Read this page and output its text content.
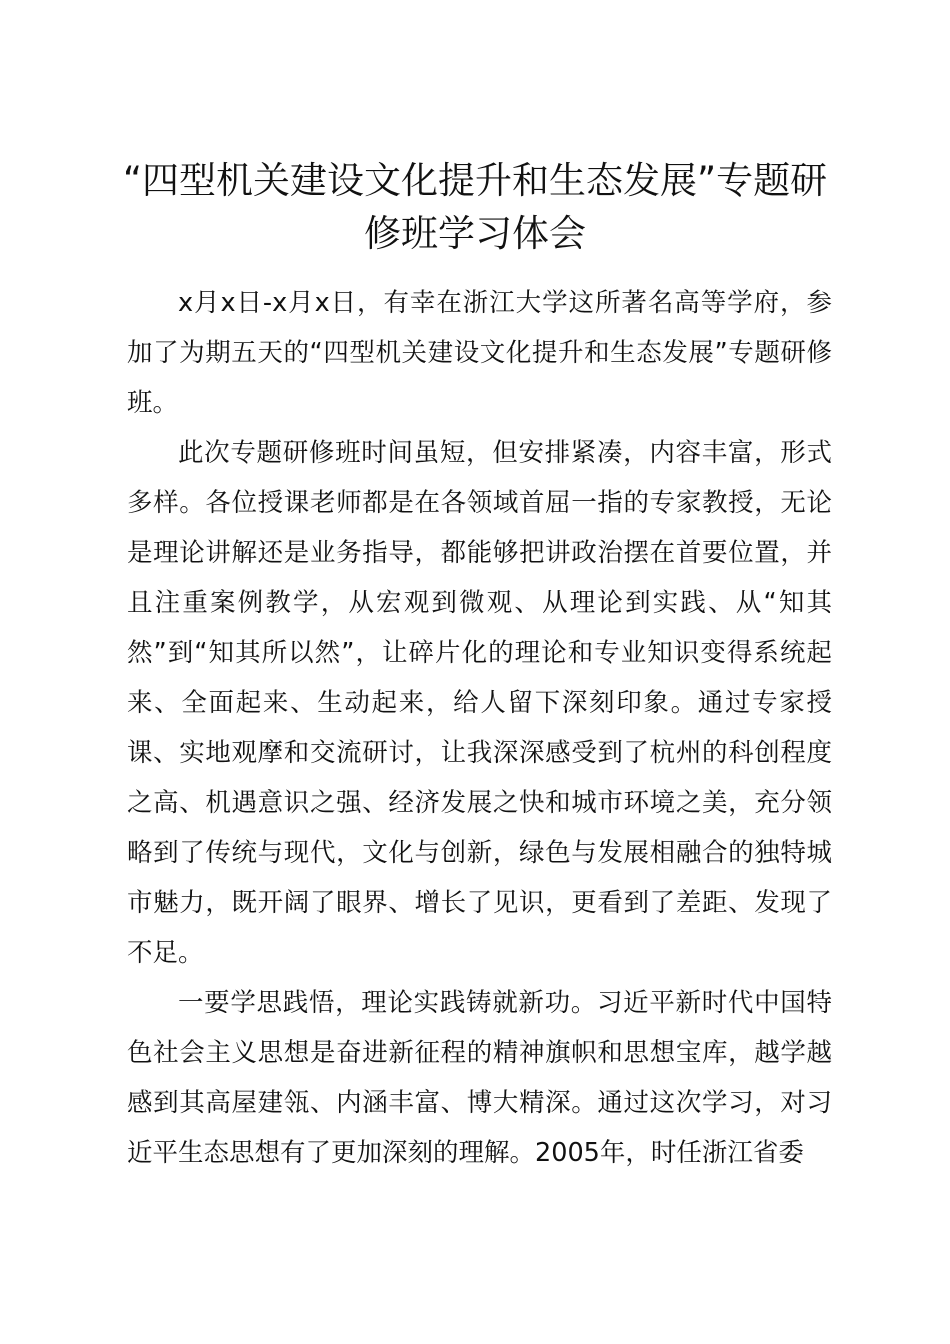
“四型机关建设文化提升和生态发展”专题研
修班学习体会

x月x日-x月x日，有幸在浙江大学这所著名高等学府，参加了为期五天的“四型机关建设文化提升和生态发展”专题研修班。

此次专题研修班时间虽短，但安排紧凑，内容丰富，形式多样。各位授课老师都是在各领域首屈一指的专家教授，无论是理论讲解还是业务指导，都能够把讲政治摆在首要位置，并且注重案例教学，从宏观到微观、从理论到实践、从“知其然”到“知其所以然”，让碎片化的理论和专业知识变得系统起来、全面起来、生动起来，给人留下深刻印象。通过专家授课、实地观摩和交流研讨，让我深深感受到了杭州的科创程度之高、机遇意识之强、经济发展之快和城市环境之美，充分领略到了传统与现代，文化与创新，绿色与发展相融合的独特城市魅力，既开阔了眼界、增长了见识，更看到了差距、发现了不足。

一要学思践悟，理论实践铸就新功。习近平新时代中国特色社会主义思想是奋进新征程的精神旗帜和思想宝库，越学越感到其高屋建瓴、内涵丰富、博大精深。通过这次学习，对习近平生态思想有了更加深刻的理解。2005年，时任浙江省委
